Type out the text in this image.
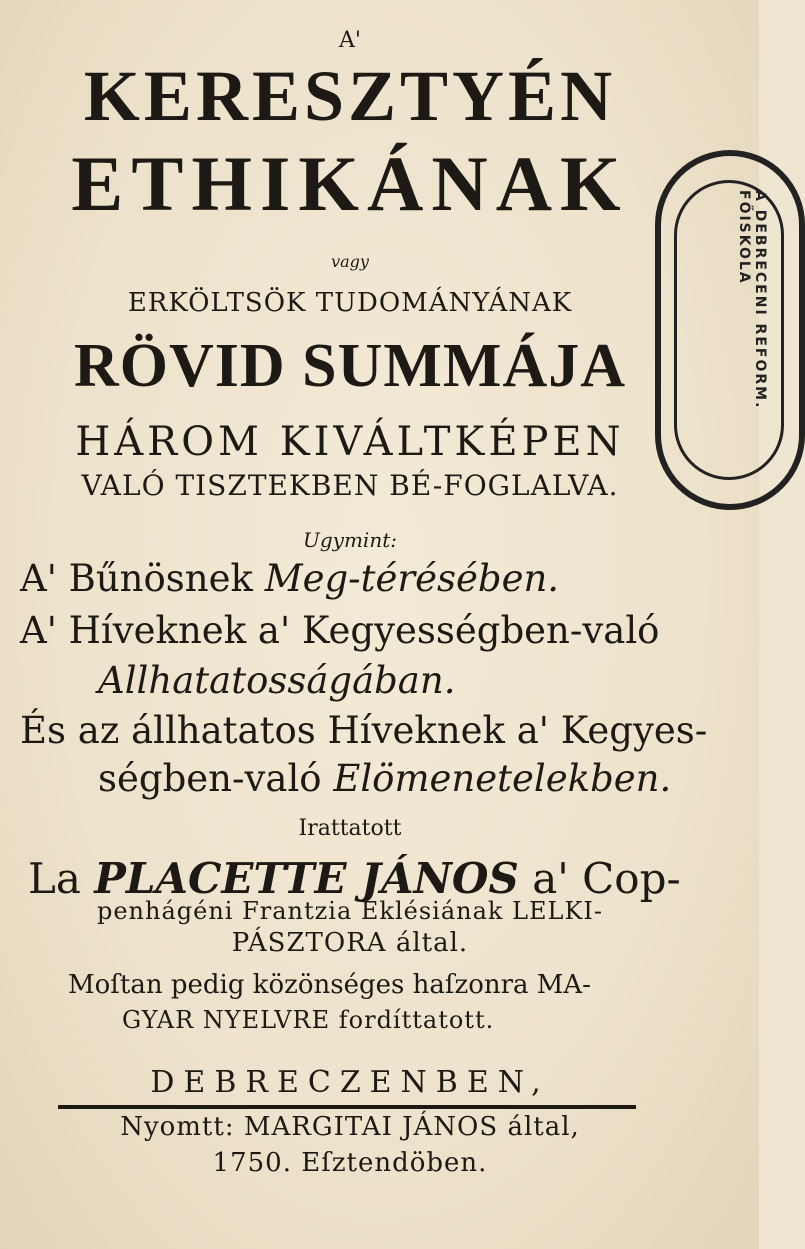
A'
KERESZTYÉN
ETHIKÁNAK
vagy
ERKÖLTSÖK TUDOMÁNYÁNAK
RÖVID SUMMÁJA
HÁROM KIVÁLTKÉPEN
VALÓ TISZTEKBEN BÉ-FOGLALVA.
Ugymint:
A' Bűnösnek Meg-térésében.
A' Híveknek a' Kegyességben-való
Allhatatosságában.
És az állhatatos Híveknek a' Kegyes-
ségben-való Elömenetelekben.
Irattatott
La PLACETTE JÁNOS a' Cop-
penhágéni Frantzia Eklésiának LELKI-
PÁSZTORA által.
Moſtan pedig közönséges haſzonra MA-
GYAR NYELVRE fordíttatott.
DEBRECZENBEN,
Nyomtt: MARGITAI JÁNOS által,
1750. Eſztendöben.
A DEBRECENI REFORM. FŐISKOLA
